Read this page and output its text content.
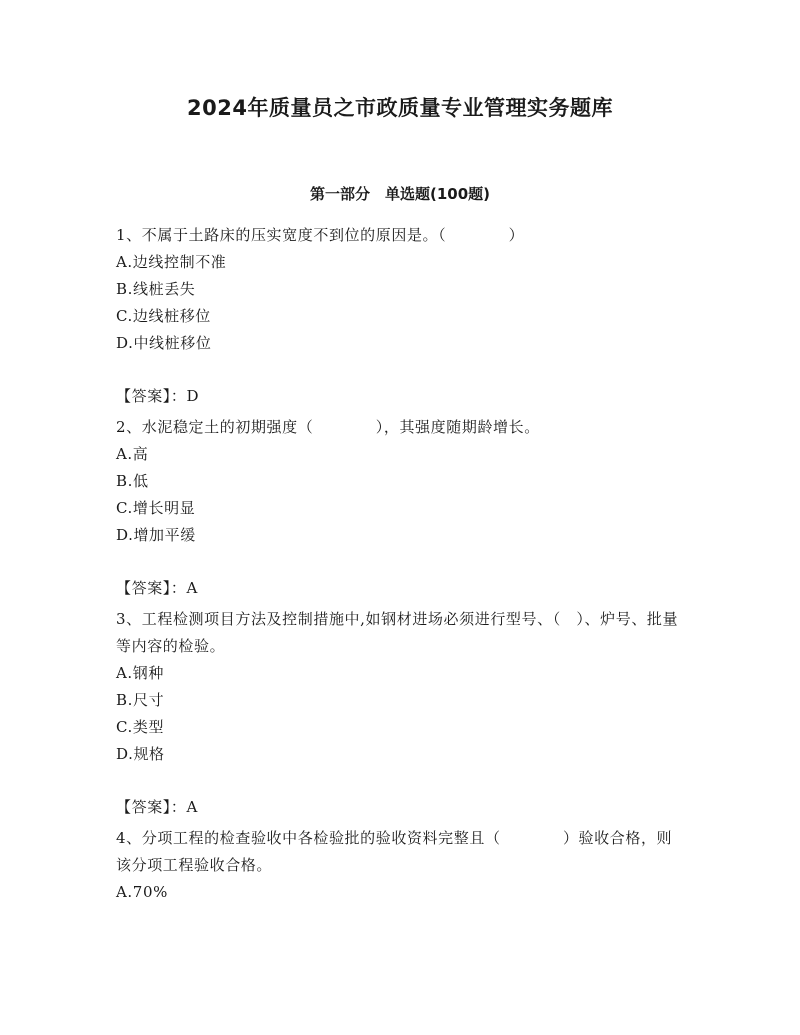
2024年质量员之市政质量专业管理实务题库
第一部分　单选题(100题)

1、不属于土路床的压实宽度不到位的原因是。（　　　　）

A.边线控制不准

B.线桩丢失

C.边线桩移位

D.中线桩移位

【答案】：D

2、水泥稳定土的初期强度（　　　　），其强度随期龄增长。

A.高

B.低

C.增长明显

D.增加平缓

【答案】：A

3、工程检测项目方法及控制措施中,如钢材进场必须进行型号、（　）、炉号、批量等内容的检验。

A.钢种

B.尺寸

C.类型

D.规格

【答案】：A

4、分项工程的检查验收中各检验批的验收资料完整且（　　　　）验收合格，则该分项工程验收合格。

A.70%
